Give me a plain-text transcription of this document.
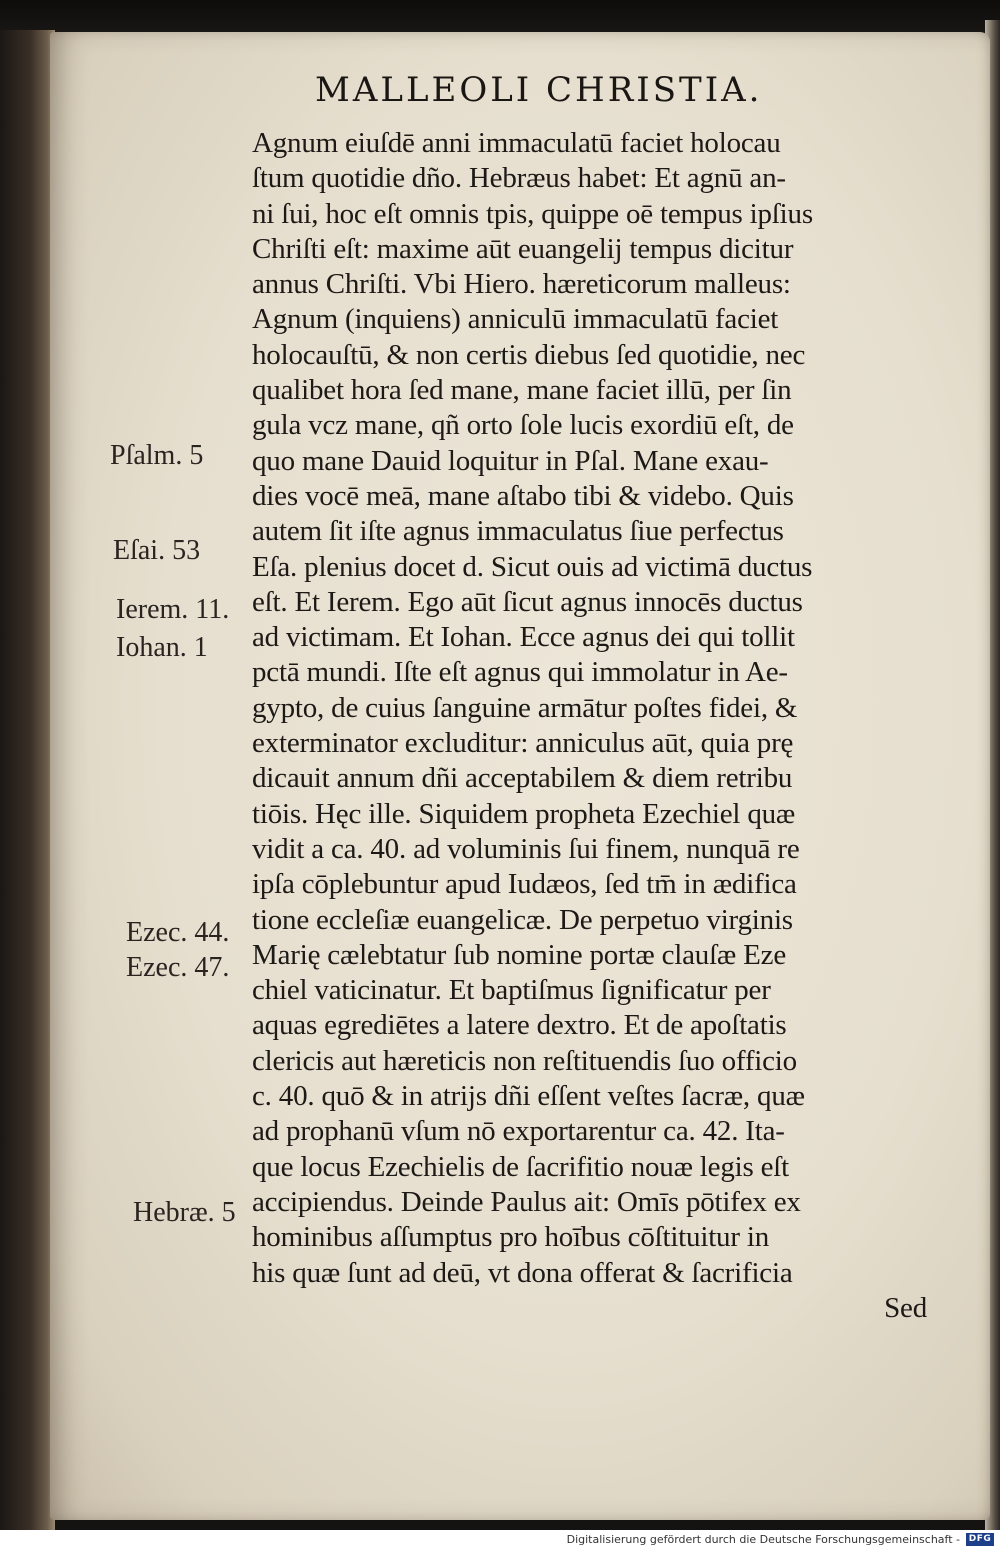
MALLEOLI CHRISTIA.
Agnum eiuſdē anni immaculatū faciet holocau
ſtum quotidie dño. Hebræus habet: Et agnū an-
ni ſui, hoc eſt omnis tpis, quippe oē tempus ipſius
Chriſti eſt: maxime aūt euangelij tempus dicitur
annus Chriſti. Vbi Hiero. hæreticorum malleus:
Agnum (inquiens) anniculū immaculatū faciet
holocauſtū, & non certis diebus ſed quotidie, nec
qualibet hora ſed mane, mane faciet illū, per ſin
gula vcz mane, qñ orto ſole lucis exordiū eſt, de
quo mane Dauid loquitur in Pſal. Mane exau-
dies vocē meā, mane aſtabo tibi & videbo. Quis
autem ſit iſte agnus immaculatus ſiue perfectus
Eſa. plenius docet d. Sicut ouis ad victimā ductus
eſt. Et Ierem. Ego aūt ſicut agnus innocēs ductus
ad victimam. Et Iohan. Ecce agnus dei qui tollit
pctā mundi. Iſte eſt agnus qui immolatur in Ae-
gypto, de cuius ſanguine armātur poſtes fidei, &
exterminator excluditur: anniculus aūt, quia prę
dicauit annum dñi acceptabilem & diem retribu
tiōis. Hęc ille. Siquidem propheta Ezechiel quæ
vidit a ca. 40. ad voluminis ſui finem, nunquā re
ipſa cōplebuntur apud Iudæos, ſed tm̄ in ædifica
tione eccleſiæ euangelicæ. De perpetuo virginis
Marię cælebtatur ſub nomine portæ clauſæ Eze
chiel vaticinatur. Et baptiſmus ſignificatur per
aquas egrediētes a latere dextro. Et de apoſtatis
clericis aut hæreticis non reſtituendis ſuo officio
c. 40. quō & in atrijs dñi eſſent veſtes ſacræ, quæ
ad prophanū vſum nō exportarentur ca. 42. Ita-
que locus Ezechielis de ſacrifitio nouæ legis eſt
accipiendus. Deinde Paulus ait: Omīs pōtifex ex
hominibus aſſumptus pro hoībus cōſtituitur in
his quæ ſunt ad deū, vt dona offerat & ſacrificia
Sed
Pſalm. 5
Eſai. 53
Ierem. 11.
Iohan. 1
Ezec. 44.
Ezec. 47.
Hebræ. 5
Digitalisierung gefördert durch die Deutsche Forschungsgemeinschaft - DFG
